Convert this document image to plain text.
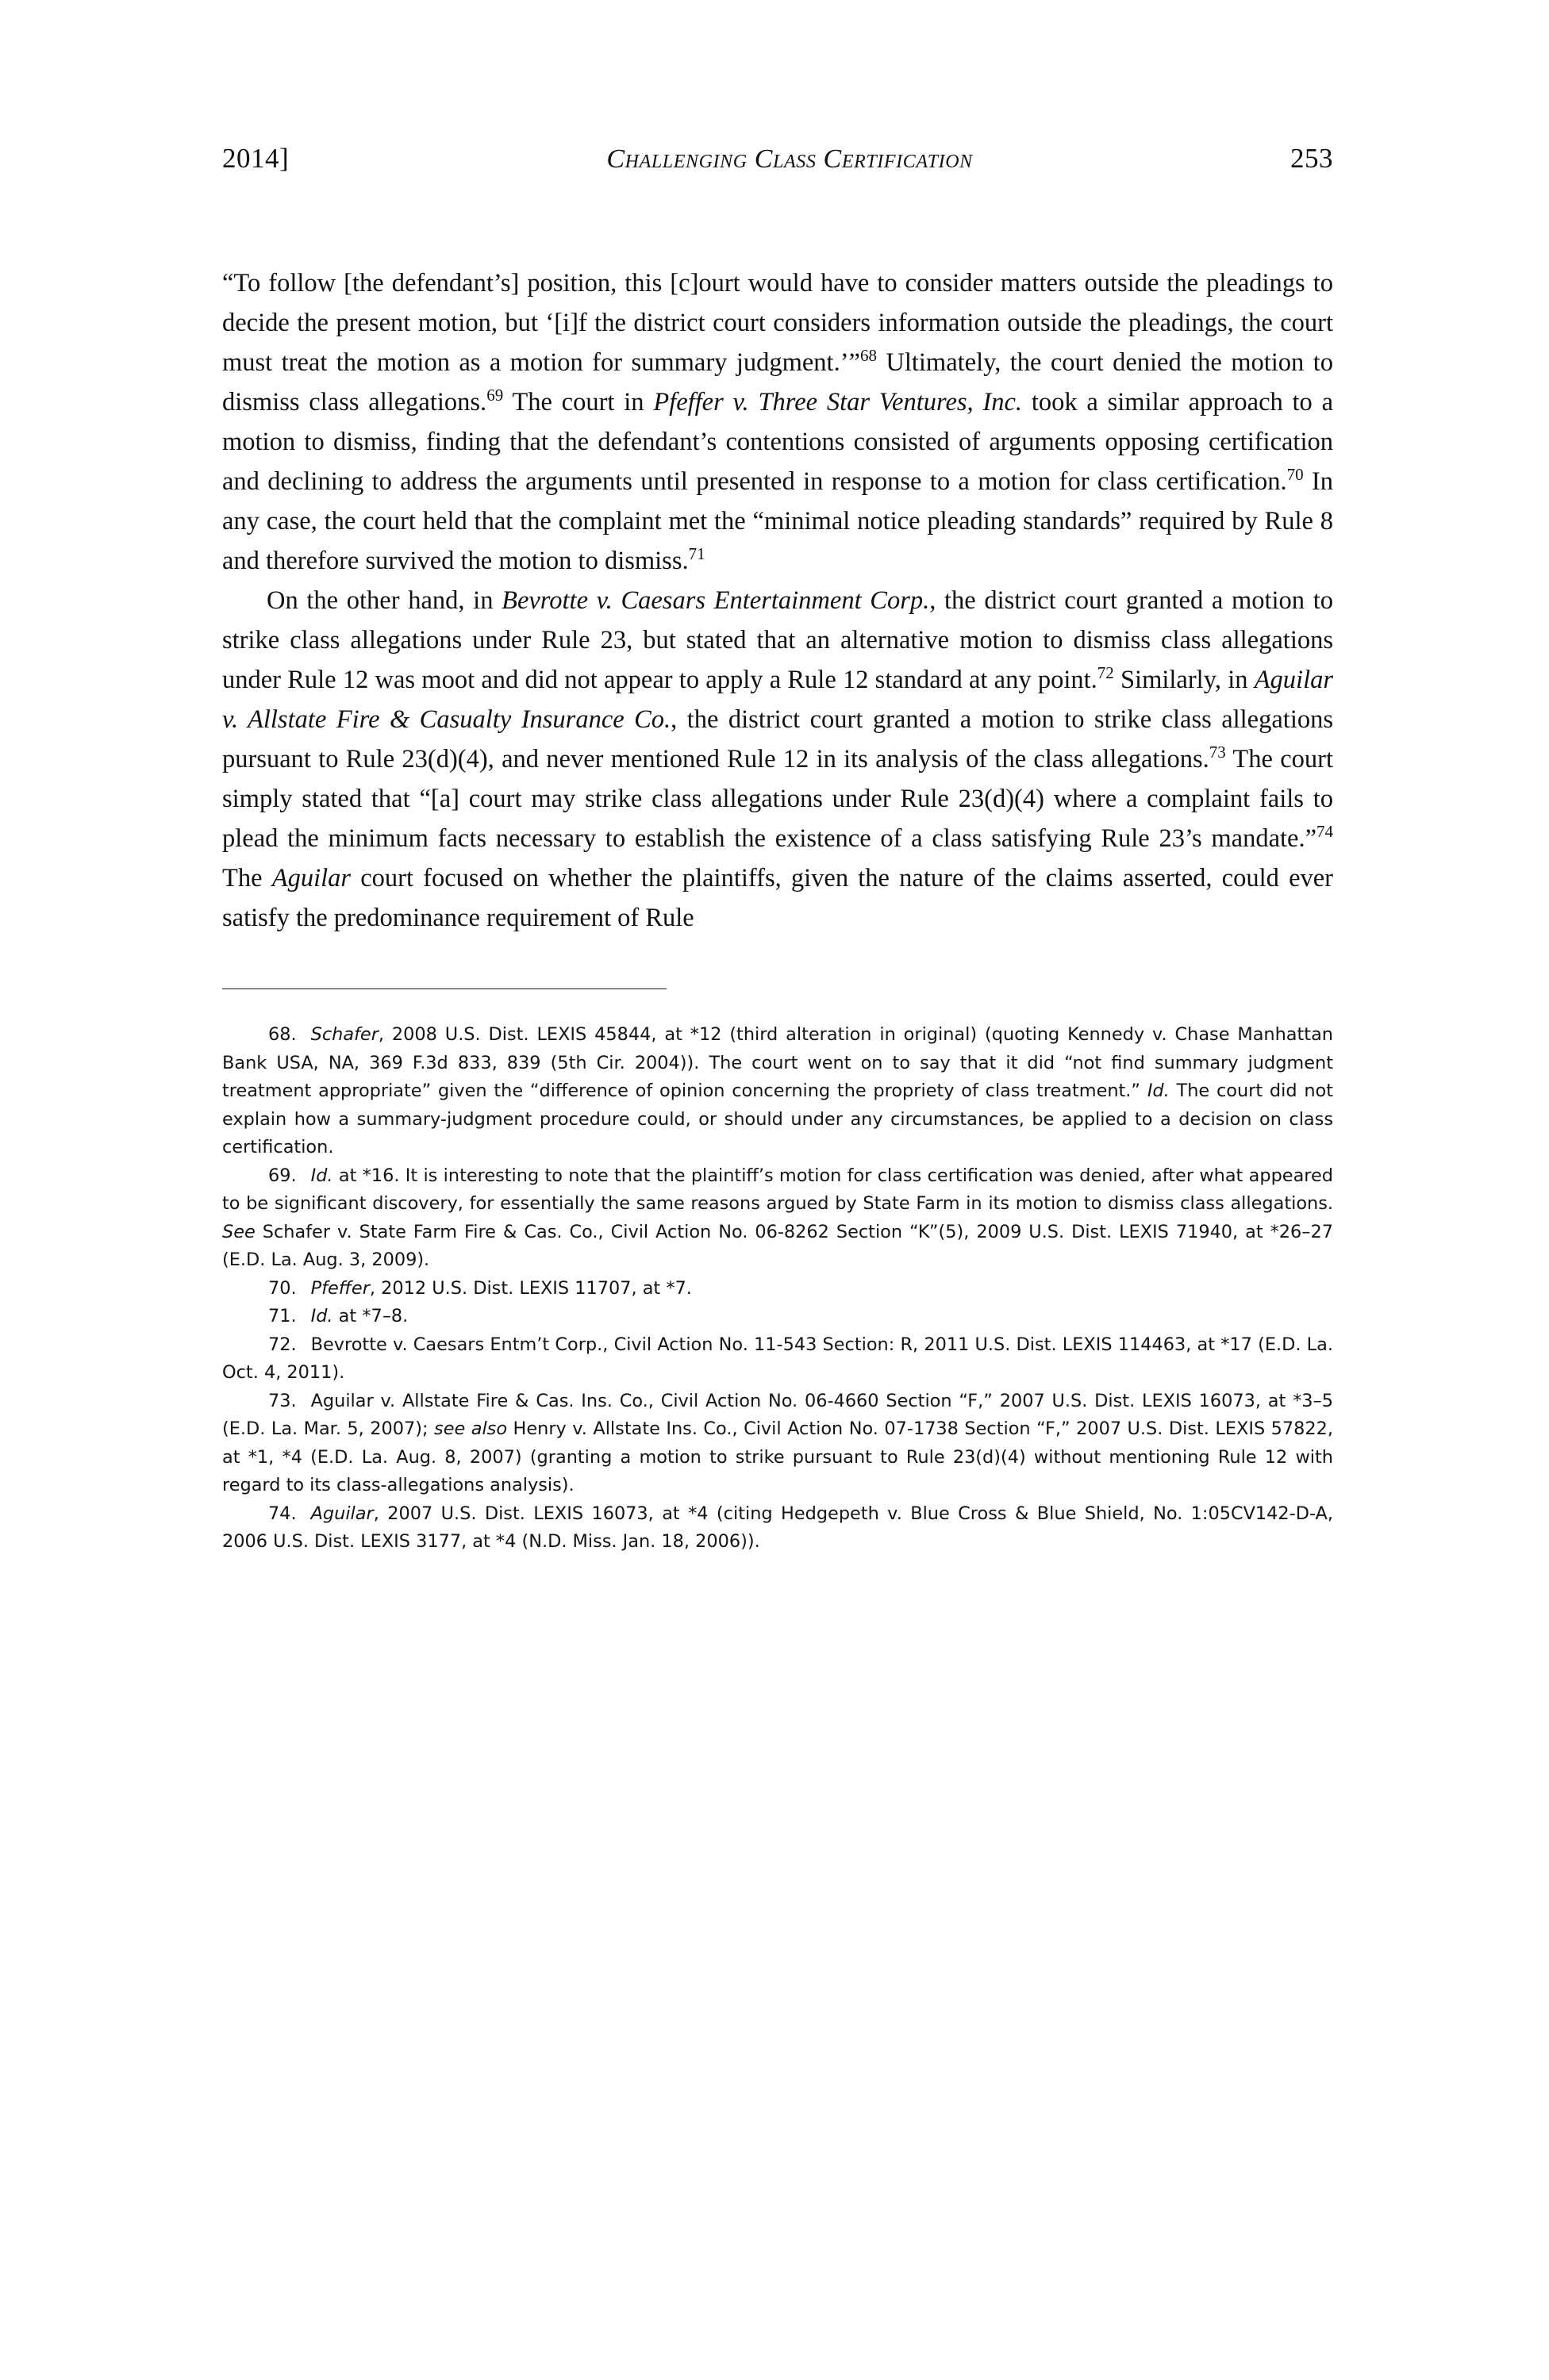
2014]	Challenging Class Certification	253

“To follow [the defendant’s] position, this [c]ourt would have to consider matters outside the pleadings to decide the present motion, but ‘[i]f the district court considers information outside the pleadings, the court must treat the motion as a motion for summary judgment.’”$^{68}$ Ultimately, the court denied the motion to dismiss class allegations.$^{69}$ The court in Pfeffer v. Three Star Ventures, Inc. took a similar approach to a motion to dismiss, finding that the defendant’s contentions consisted of arguments opposing certification and declining to address the arguments until presented in response to a motion for class certification.$^{70}$ In any case, the court held that the complaint met the “minimal notice pleading standards” required by Rule 8 and therefore survived the motion to dismiss.$^{71}$

On the other hand, in Bevrotte v. Caesars Entertainment Corp., the district court granted a motion to strike class allegations under Rule 23, but stated that an alternative motion to dismiss class allegations under Rule 12 was moot and did not appear to apply a Rule 12 standard at any point.$^{72}$ Similarly, in Aguilar v. Allstate Fire & Casualty Insurance Co., the district court granted a motion to strike class allegations pursuant to Rule 23(d)(4), and never mentioned Rule 12 in its analysis of the class allegations.$^{73}$ The court simply stated that “[a] court may strike class allegations under Rule 23(d)(4) where a complaint fails to plead the minimum facts necessary to establish the existence of a class satisfying Rule 23’s mandate.”$^{74}$ The Aguilar court focused on whether the plaintiffs, given the nature of the claims asserted, could ever satisfy the predominance requirement of Rule

68. Schafer, 2008 U.S. Dist. LEXIS 45844, at *12 (third alteration in original) (quoting Kennedy v. Chase Manhattan Bank USA, NA, 369 F.3d 833, 839 (5th Cir. 2004)). The court went on to say that it did “not find summary judgment treatment appropriate” given the “difference of opinion concerning the propriety of class treatment.” Id. The court did not explain how a summary-judgment procedure could, or should under any circumstances, be applied to a decision on class certification.

69. Id. at *16. It is interesting to note that the plaintiff’s motion for class certification was denied, after what appeared to be significant discovery, for essentially the same reasons argued by State Farm in its motion to dismiss class allegations. See Schafer v. State Farm Fire & Cas. Co., Civil Action No. 06-8262 Section “K”(5), 2009 U.S. Dist. LEXIS 71940, at *26–27 (E.D. La. Aug. 3, 2009).

70. Pfeffer, 2012 U.S. Dist. LEXIS 11707, at *7.

71. Id. at *7–8.

72. Bevrotte v. Caesars Entm’t Corp., Civil Action No. 11-543 Section: R, 2011 U.S. Dist. LEXIS 114463, at *17 (E.D. La. Oct. 4, 2011).

73. Aguilar v. Allstate Fire & Cas. Ins. Co., Civil Action No. 06-4660 Section “F,” 2007 U.S. Dist. LEXIS 16073, at *3–5 (E.D. La. Mar. 5, 2007); see also Henry v. Allstate Ins. Co., Civil Action No. 07-1738 Section “F,” 2007 U.S. Dist. LEXIS 57822, at *1, *4 (E.D. La. Aug. 8, 2007) (granting a motion to strike pursuant to Rule 23(d)(4) without mentioning Rule 12 with regard to its class-allegations analysis).

74. Aguilar, 2007 U.S. Dist. LEXIS 16073, at *4 (citing Hedgepeth v. Blue Cross & Blue Shield, No. 1:05CV142-D-A, 2006 U.S. Dist. LEXIS 3177, at *4 (N.D. Miss. Jan. 18, 2006)).
